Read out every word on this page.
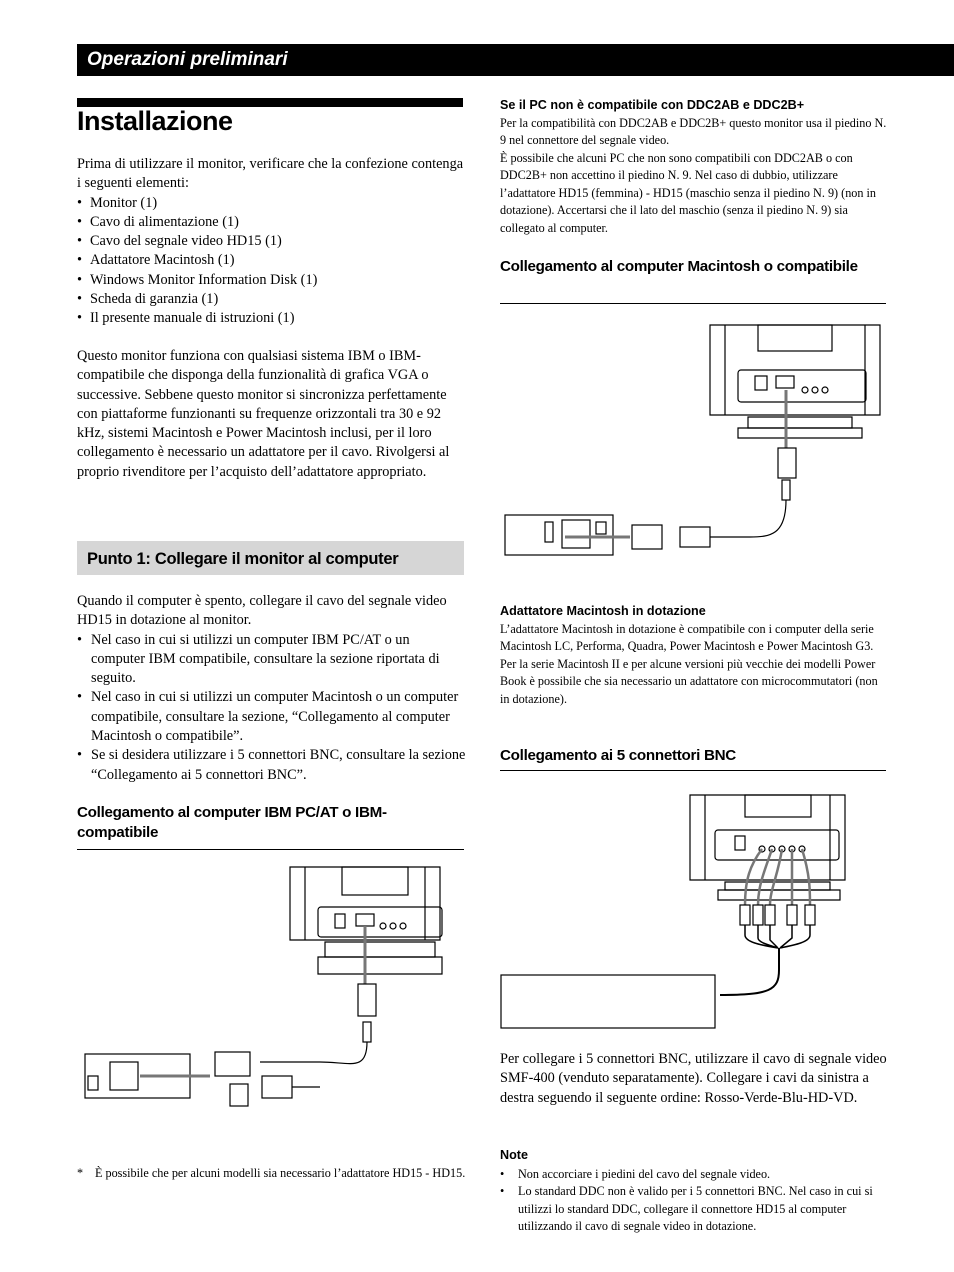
Operazioni preliminari
Installazione
Prima di utilizzare il monitor, verificare che la confezione contenga i seguenti elementi:
• Monitor (1)
• Cavo di alimentazione (1)
• Cavo del segnale video HD15 (1)
• Adattatore Macintosh (1)
• Windows Monitor Information Disk (1)
• Scheda di garanzia (1)
• Il presente manuale di istruzioni (1)
Questo monitor funziona con qualsiasi sistema IBM o IBM-compatibile che disponga della funzionalità di grafica VGA o successive. Sebbene questo monitor si sincronizza perfettamente con piattaforme funzionanti su frequenze orizzontali tra 30 e 92 kHz, sistemi Macintosh e Power Macintosh inclusi, per il loro collegamento è necessario un adattatore per il cavo. Rivolgersi al proprio rivenditore per l’acquisto dell’adattatore appropriato.
Punto 1: Collegare il monitor al computer
Quando il computer è spento, collegare il cavo del segnale video HD15 in dotazione al monitor.
• Nel caso in cui si utilizzi un computer IBM PC/AT o un computer IBM compatibile, consultare la sezione riportata di seguito.
• Nel caso in cui si utilizzi un computer Macintosh o un computer compatibile, consultare la sezione, “Collegamento al computer Macintosh o compatibile”.
• Se si desidera utilizzare i 5 connettori BNC, consultare la sezione “Collegamento ai 5 connettori BNC”.
Collegamento al computer IBM PC/AT o IBM-compatibile
* È possibile che per alcuni modelli sia necessario l’adattatore HD15 - HD15.
Se il PC non è compatibile con DDC2AB e DDC2B+
Per la compatibilità con DDC2AB e DDC2B+ questo monitor usa il piedino N. 9 nel connettore del segnale video.
È possibile che alcuni PC che non sono compatibili con DDC2AB o con DDC2B+ non accettino il piedino N. 9. Nel caso di dubbio, utilizzare l’adattatore HD15 (femmina) - HD15 (maschio senza il piedino N. 9) (non in dotazione). Accertarsi che il lato del maschio (senza il piedino N. 9) sia collegato al computer.
Collegamento al computer Macintosh o compatibile
Adattatore Macintosh in dotazione
L’adattatore Macintosh in dotazione è compatibile con i computer della serie Macintosh LC, Performa, Quadra, Power Macintosh e Power Macintosh G3.
Per la serie Macintosh II e per alcune versioni più vecchie dei modelli Power Book è possibile che sia necessario un adattatore con microcommutatori (non in dotazione).
Collegamento ai 5 connettori BNC
Per collegare i 5 connettori BNC, utilizzare il cavo di segnale video SMF-400 (venduto separatamente). Collegare i cavi da sinistra a destra seguendo il seguente ordine: Rosso-Verde-Blu-HD-VD.
Note
• Non accorciare i piedini del cavo del segnale video.
• Lo standard DDC non è valido per i 5 connettori BNC. Nel caso in cui si utilizzi lo standard DDC, collegare il connettore HD15 al computer utilizzando il cavo di segnale video in dotazione.
